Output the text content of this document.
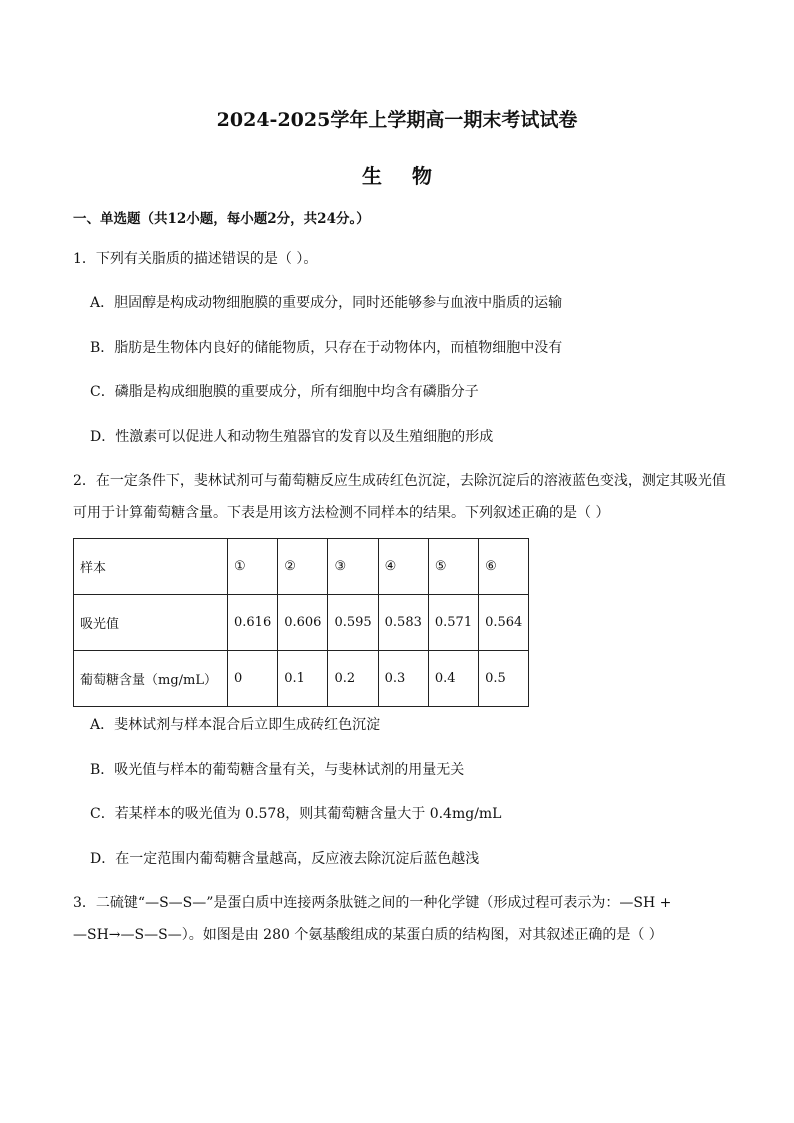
2024-2025学年上学期高一期末考试试卷
生物
一、单选题（共12小题，每小题2分，共24分。）
1．下列有关脂质的描述错误的是（ ）。
A．胆固醇是构成动物细胞膜的重要成分，同时还能够参与血液中脂质的运输
B．脂肪是生物体内良好的储能物质，只存在于动物体内，而植物细胞中没有
C．磷脂是构成细胞膜的重要成分，所有细胞中均含有磷脂分子
D．性激素可以促进人和动物生殖器官的发育以及生殖细胞的形成
2．在一定条件下，斐林试剂可与葡萄糖反应生成砖红色沉淀，去除沉淀后的溶液蓝色变浅，测定其吸光值
可用于计算葡萄糖含量。下表是用该方法检测不同样本的结果。下列叙述正确的是（ ）
样本	①	②	③	④	⑤	⑥
吸光值	0.616	0.606	0.595	0.583	0.571	0.564
葡萄糖含量（mg/mL）	0	0.1	0.2	0.3	0.4	0.5
A．斐林试剂与样本混合后立即生成砖红色沉淀
B．吸光值与样本的葡萄糖含量有关，与斐林试剂的用量无关
C．若某样本的吸光值为 0.578，则其葡萄糖含量大于 0.4mg/mL
D．在一定范围内葡萄糖含量越高，反应液去除沉淀后蓝色越浅
3．二硫键“—S—S—”是蛋白质中连接两条肽链之间的一种化学键（形成过程可表示为：—SH +
—SH→—S—S—）。如图是由 280 个氨基酸组成的某蛋白质的结构图，对其叙述正确的是（ ）
